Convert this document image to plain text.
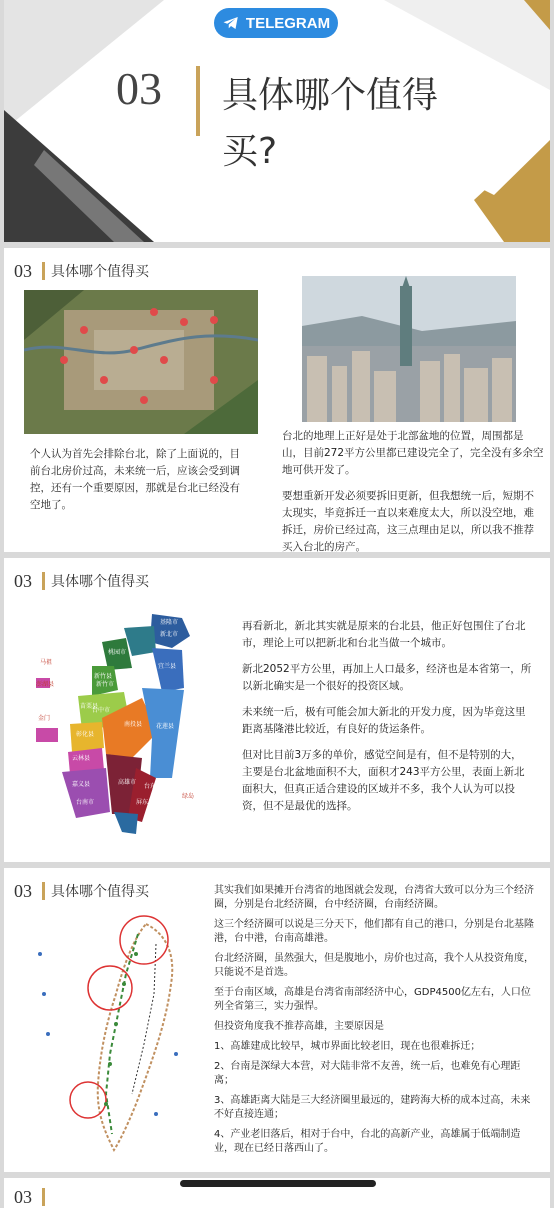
03 具体哪个值得买?
TELEGRAM
03 具体哪个值得买
个人认为首先会排除台北，除了上面说的，目前台北房价过高，未来统一后，应该会受到调控，还有一个重要原因，那就是台北已经没有空地了。

台北的地理上正好是处于北部盆地的位置，周围都是山，目前272平方公里都已建设完全了，完全没有多余空地可供开发了。

要想重新开发必须要拆旧更新，但我想统一后，短期不太现实，毕竟拆迁一直以来难度太大，所以没空地，难拆迁，房价已经过高，这三点理由足以，所以我不推荐买入台北的房产。

03 具体哪个值得买
基隆市
新北市
桃园市
新竹县
新竹市
苗栗县
台中市
宜兰县
南投县
彰化县
花莲县
云林县
嘉义县
台南市
台东县
高雄市
屏东县
澎湖县
金门
马祖
绿岛

再看新北，新北其实就是原来的台北县，他正好包围住了台北市，理论上可以把新北和台北当做一个城市。

新北2052平方公里，再加上人口最多，经济也是本省第一，所以新北确实是一个很好的投资区域。

未来统一后，极有可能会加大新北的开发力度，因为毕竟这里距离基隆港比较近，有良好的货运条件。

但对比目前3万多的单价，感觉空间是有，但不是特别的大，主要是台北盆地面积不大，面积才243平方公里，表面上新北面积大，但真正适合建设的区域并不多，我个人认为可以投资，但不是最优的选择。

03 具体哪个值得买	其实我们如果摊开台湾省的地图就会发现，台湾省大致可以分为三个经济圈，分别是台北经济圈，台中经济圈，台南经济圈。

这三个经济圈可以说是三分天下，他们都有自己的港口，分别是台北基隆港，台中港，台南高雄港。

台北经济圈，虽然强大，但是腹地小，房价也过高，我个人从投资角度，只能说不是首选。

至于台南区域，高雄是台湾省南部经济中心，GDP4500亿左右，人口位列全省第三，实力强悍。

但投资角度我不推荐高雄，主要原因是

1、高雄建成比较早，城市界面比较老旧，现在也很难拆迁；

2、台南是深绿大本营，对大陆非常不友善，统一后，也难免有心理距离；

3、高雄距离大陆是三大经济圈里最远的，建跨海大桥的成本过高，未来不好直接连通；

4、产业老旧落后，相对于台中，台北的高新产业，高雄属于低端制造业，现在已经日落西山了。

03
